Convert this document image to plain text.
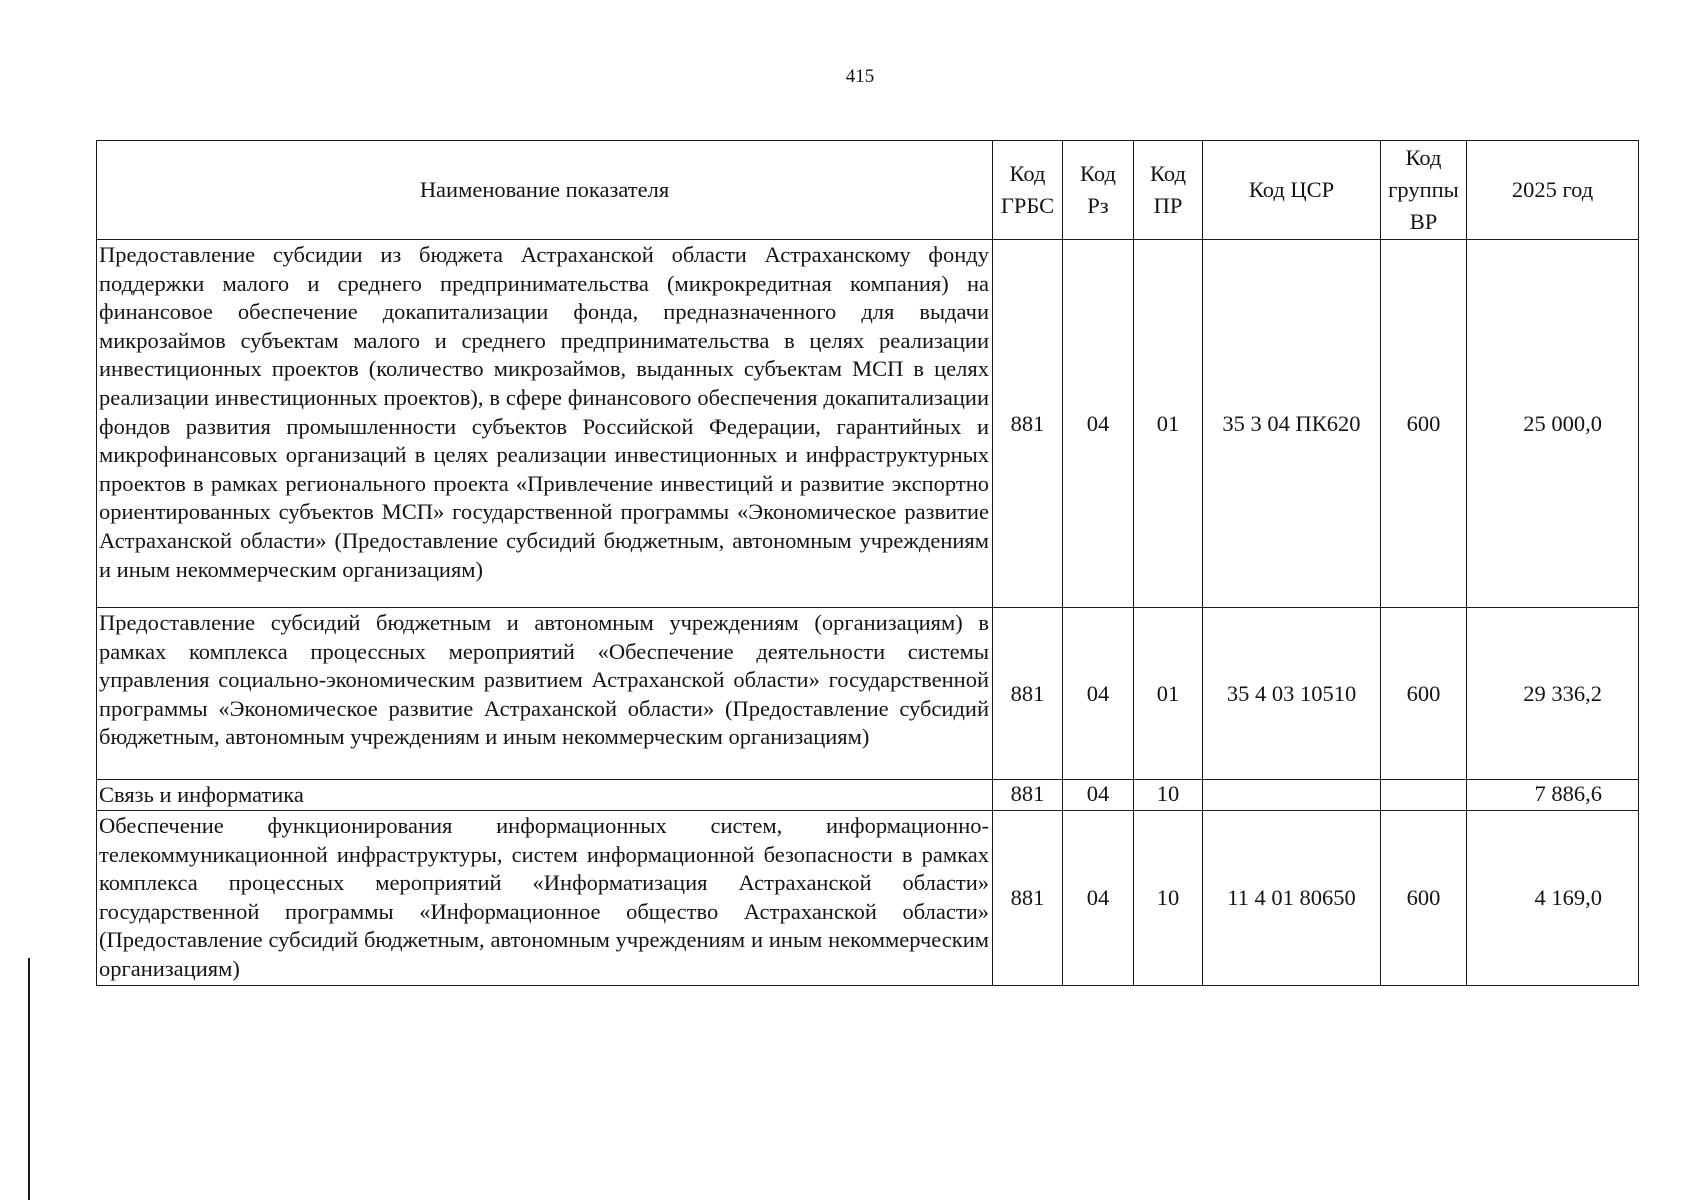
415
Наименование показателя	Код ГРБС	Код Рз	Код ПР	Код ЦСР	Код группы ВР	2025 год
Предоставление субсидии из бюджета Астраханской области Астраханскому фонду поддержки малого и среднего предпринимательства (микрокредитная компания) на финансовое обеспечение докапитализации фонда, предназначенного для выдачи микрозаймов субъектам малого и среднего предпринимательства в целях реализации инвестиционных проектов (количество микрозаймов, выданных субъектам МСП в целях реализации инвестиционных проектов), в сфере финансового обеспечения докапитализации фондов развития промышленности субъектов Российской Федерации, гарантийных и микрофинансовых организаций в целях реализации инвестиционных и инфраструктурных проектов в рамках регионального проекта «Привлечение инвестиций и развитие экспортно ориентированных субъектов МСП» государственной программы «Экономическое развитие Астраханской области» (Предоставление субсидий бюджетным, автономным учреждениям и иным некоммерческим организациям)	881	04	01	35 3 04 ПК620	600	25 000,0
Предоставление субсидий бюджетным и автономным учреждениям (организациям) в рамках комплекса процессных мероприятий «Обеспечение деятельности системы управления социально-экономическим развитием Астраханской области» государственной программы «Экономическое развитие Астраханской области» (Предоставление субсидий бюджетным, автономным учреждениям и иным некоммерческим организациям)	881	04	01	35 4 03 10510	600	29 336,2
Связь и информатика	881	04	10			7 886,6
Обеспечение функционирования информационных систем, информационно-телекоммуникационной инфраструктуры, систем информационной безопасности в рамках комплекса процессных мероприятий «Информатизация Астраханской области» государственной программы «Информационное общество Астраханской области» (Предоставление субсидий бюджетным, автономным учреждениям и иным некоммерческим организациям)	881	04	10	11 4 01 80650	600	4 169,0
